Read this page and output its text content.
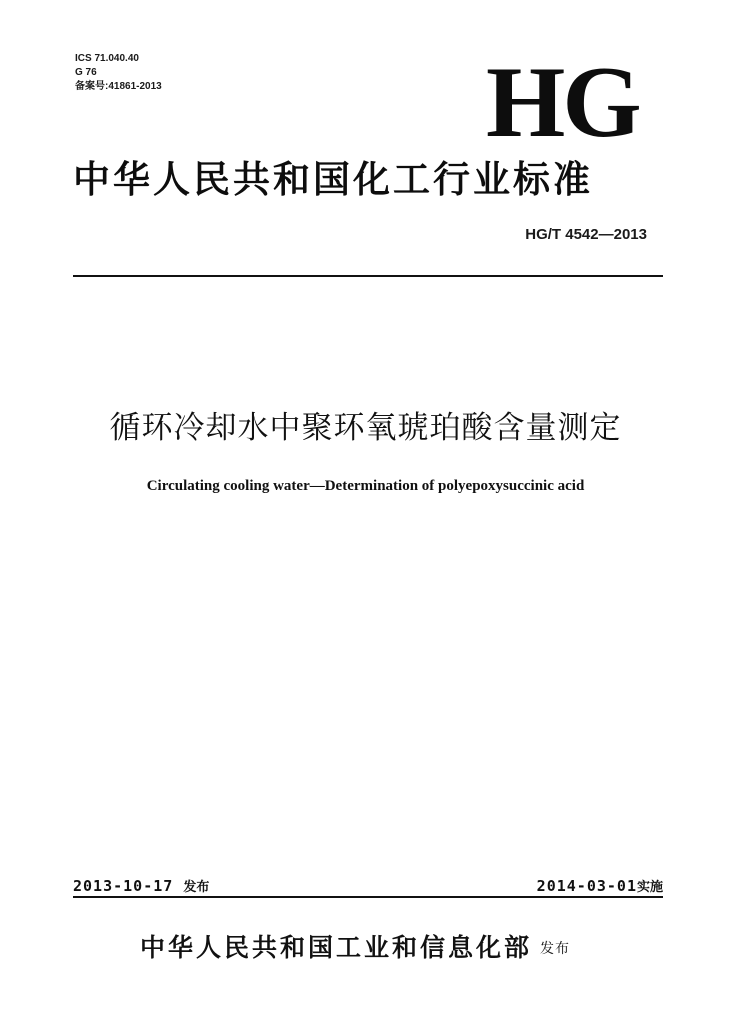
ICS 71.040.40
G 76
备案号:41861-2013	HG
中华人民共和国化工行业标准
HG/T 4542—2013
循环冷却水中聚环氧琥珀酸含量测定
Circulating cooling water—Determination of polyepoxysuccinic acid
2013-10-17 发布	2014-03-01实施
中华人民共和国工业和信息化部 发布
